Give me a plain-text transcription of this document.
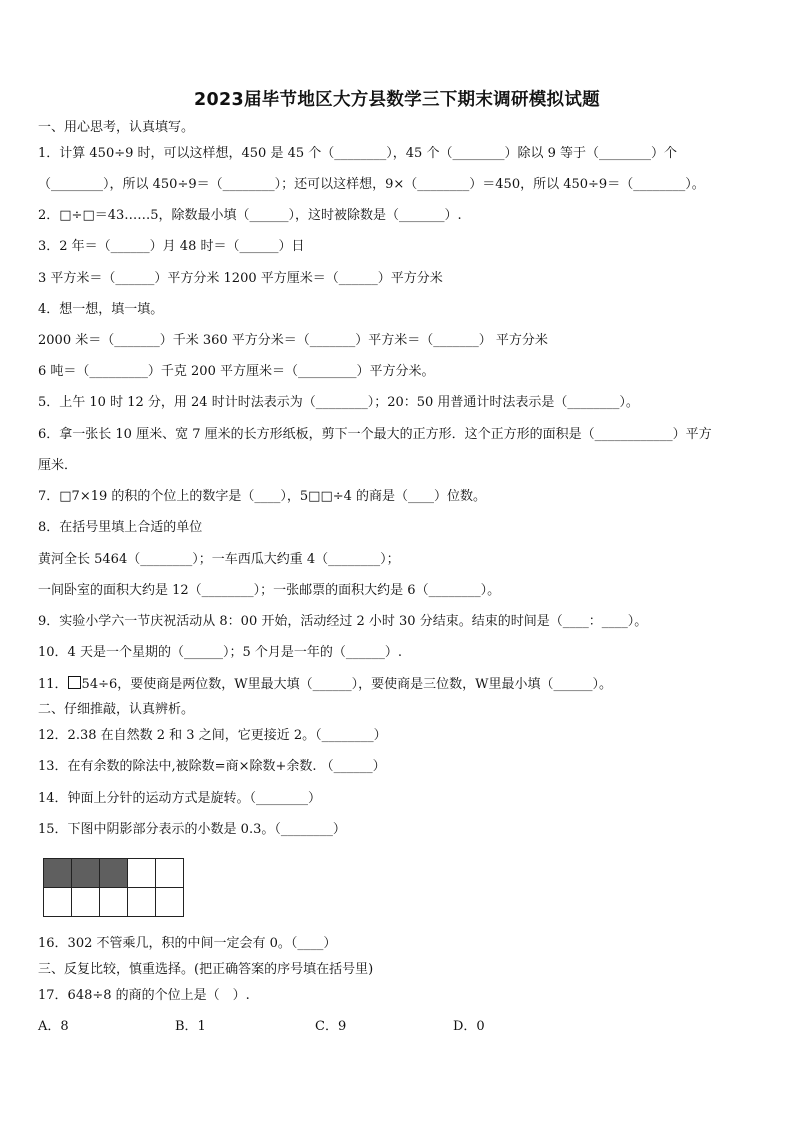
2023届毕节地区大方县数学三下期末调研模拟试题
一、用心思考，认真填写。
1．计算 450÷9 时，可以这样想，450 是 45 个（________），45 个（________）除以 9 等于（________）个
（________），所以 450÷9＝（________）；还可以这样想，9×（________）＝450，所以 450÷9＝（________）。
2．□÷□＝43……5，除数最小填（______），这时被除数是（_______）.
3．2 年＝（______）月 48 时＝（______）日
3 平方米＝（______）平方分米 1200 平方厘米＝（______）平方分米
4．想一想，填一填。
2000 米＝（_______）千米 360 平方分米＝（_______）平方米＝（_______） 平方分米
6 吨＝（_________）千克 200 平方厘米＝（_________）平方分米。
5．上午 10 时 12 分，用 24 时计时法表示为（________）；20：50 用普通计时法表示是（________）。
6．拿一张长 10 厘米、宽 7 厘米的长方形纸板，剪下一个最大的正方形．这个正方形的面积是（____________）平方
厘米．
7．□7×19 的积的个位上的数字是（____），5□□÷4 的商是（____）位数。
8．在括号里填上合适的单位
黄河全长 5464（________）；一车西瓜大约重 4（________）；
一间卧室的面积大约是 12（________）；一张邮票的面积大约是 6（________）。
9．实验小学六一节庆祝活动从 8：00 开始，活动经过 2 小时 30 分结束。结束的时间是（____：____）。
10．4 天是一个星期的（______）；5 个月是一年的（______）.
11． 54÷6，要使商是两位数，W里最大填（______），要使商是三位数，W里最小填（______）。
二、仔细推敲，认真辨析。
12．2.38 在自然数 2 和 3 之间，它更接近 2。（________）
13．在有余数的除法中,被除数=商×除数+余数. （______）
14．钟面上分针的运动方式是旋转。（________）
15．下图中阴影部分表示的小数是 0.3。（________）

16．302 不管乘几，积的中间一定会有 0。（____）
三、反复比较，慎重选择。(把正确答案的序号填在括号里)
17．648÷8 的商的个位上是（　）.
A．8	B．1	C．9	D．0
